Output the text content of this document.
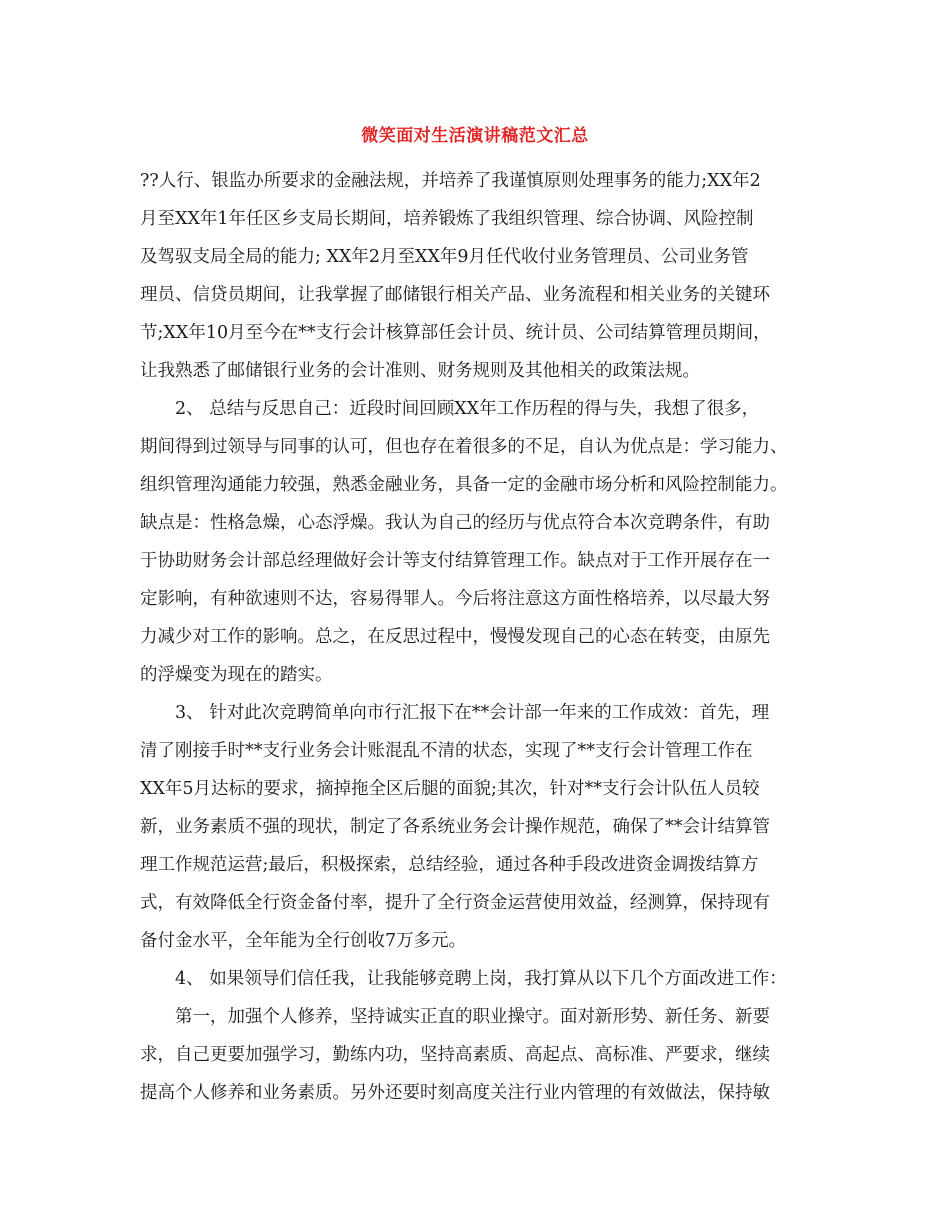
微笑面对生活演讲稿范文汇总
??人行、银监办所要求的金融法规，并培养了我谨慎原则处理事务的能力;XX年2
月至XX年1年任区乡支局长期间，培养锻炼了我组织管理、综合协调、风险控制
及驾驭支局全局的能力; XX年2月至XX年9月任代收付业务管理员、公司业务管
理员、信贷员期间，让我掌握了邮储银行相关产品、业务流程和相关业务的关键环
节;XX年10月至今在**支行会计核算部任会计员、统计员、公司结算管理员期间，
让我熟悉了邮储银行业务的会计准则、财务规则及其他相关的政策法规。
2、 总结与反思自己：近段时间回顾XX年工作历程的得与失，我想了很多，
期间得到过领导与同事的认可，但也存在着很多的不足，自认为优点是：学习能力、
组织管理沟通能力较强，熟悉金融业务，具备一定的金融市场分析和风险控制能力。
缺点是：性格急燥，心态浮燥。我认为自己的经历与优点符合本次竞聘条件，有助
于协助财务会计部总经理做好会计等支付结算管理工作。缺点对于工作开展存在一
定影响，有种欲速则不达，容易得罪人。今后将注意这方面性格培养，以尽最大努
力减少对工作的影响。总之，在反思过程中，慢慢发现自己的心态在转变，由原先
的浮燥变为现在的踏实。
3、 针对此次竞聘简单向市行汇报下在**会计部一年来的工作成效：首先，理
清了刚接手时**支行业务会计账混乱不清的状态，实现了**支行会计管理工作在
XX年5月达标的要求，摘掉拖全区后腿的面貌;其次，针对**支行会计队伍人员较
新，业务素质不强的现状，制定了各系统业务会计操作规范，确保了**会计结算管
理工作规范运营;最后，积极探索，总结经验，通过各种手段改进资金调拨结算方
式，有效降低全行资金备付率，提升了全行资金运营使用效益，经测算，保持现有
备付金水平，全年能为全行创收7万多元。
4、 如果领导们信任我，让我能够竞聘上岗，我打算从以下几个方面改进工作：
第一，加强个人修养，坚持诚实正直的职业操守。面对新形势、新任务、新要
求，自己更要加强学习，勤练内功，坚持高素质、高起点、高标准、严要求，继续
提高个人修养和业务素质。另外还要时刻高度关注行业内管理的有效做法，保持敏
